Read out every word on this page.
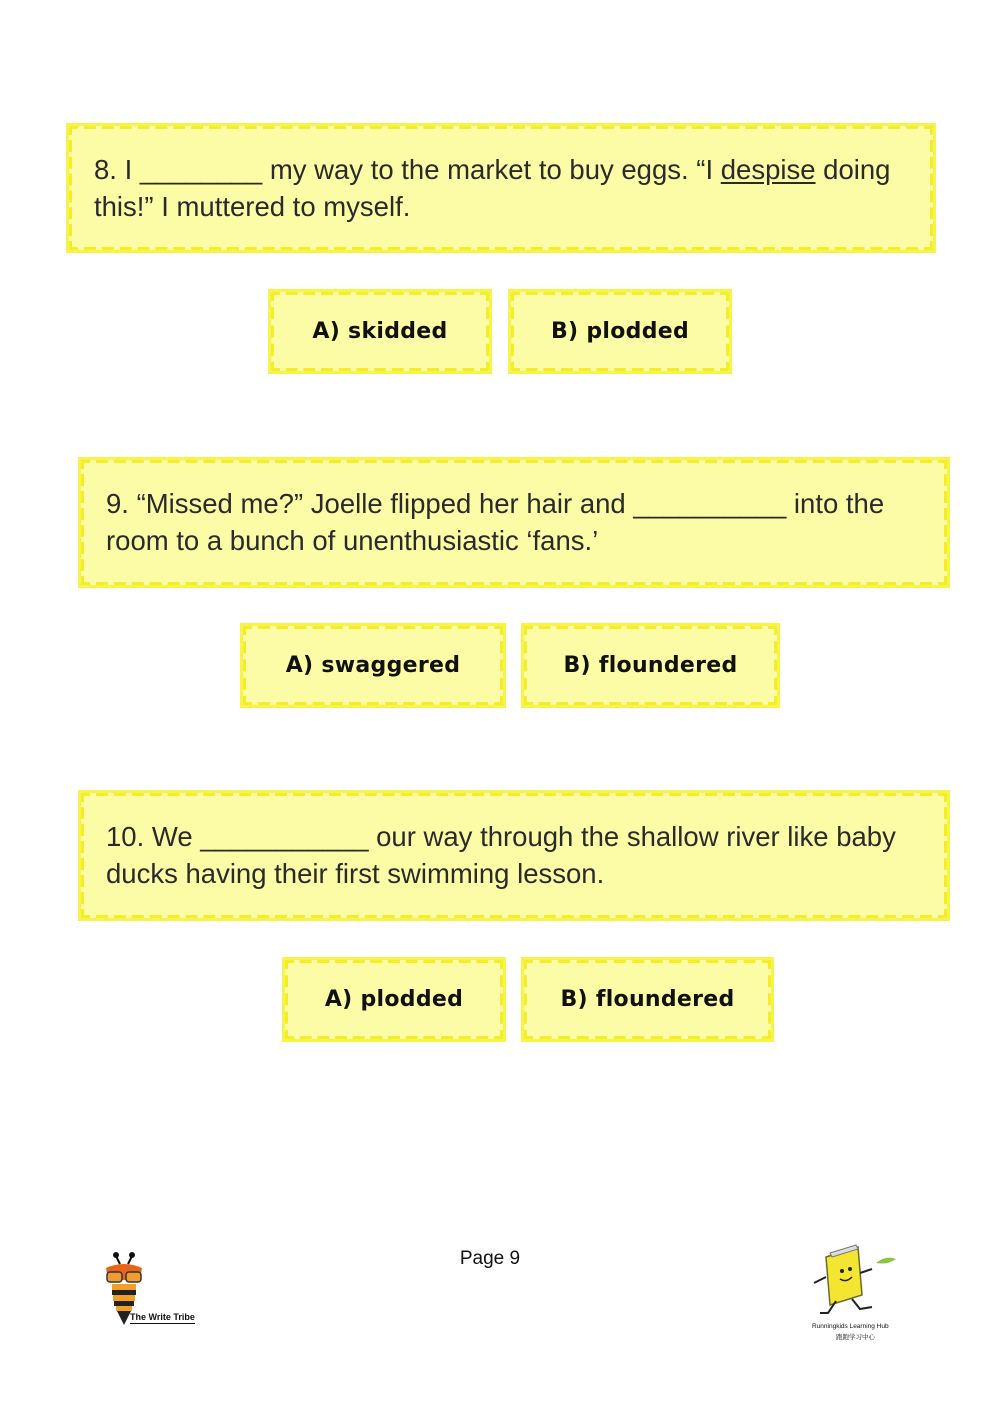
8. I ________ my way to the market to buy eggs. “I despise doing this!” I muttered to myself.
A) skidded	B) plodded
9. “Missed me?” Joelle flipped her hair and __________ into the room to a bunch of unenthusiastic ‘fans.’
A) swaggered	B) floundered
10. We ___________ our way through the shallow river like baby ducks having their first swimming lesson.
A) plodded	B) floundered
Page 9
The Write Tribe
Runningkids Learning Hub
跑跑学习中心
